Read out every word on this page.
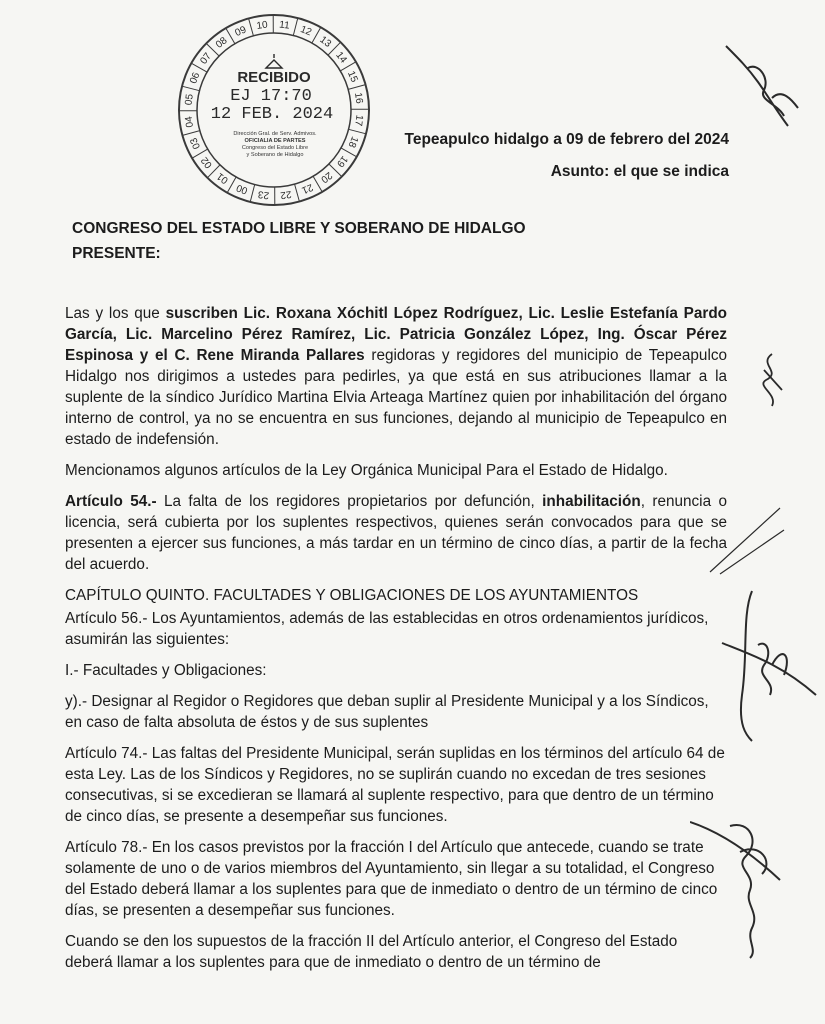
12
13
14
15
16
17
18
19
20
21
22
23
00
01
02
03
04
05
06
07
08
09 10 11
RECIBIDO
EJ 17:70
12 FEB. 2024
Dirección Gral. de Serv. Admivos.
OFICIALIA DE PARTES
Congreso del Estado Libre
y Soberano de Hidalgo
Tepeapulco hidalgo a 09 de febrero del 2024
Asunto: el que se indica
CONGRESO DEL ESTADO LIBRE Y SOBERANO DE HIDALGO
PRESENTE:

Las y los que suscriben Lic. Roxana Xóchitl López Rodríguez, Lic. Leslie Estefanía Pardo García, Lic. Marcelino Pérez Ramírez, Lic. Patricia González López, Ing. Óscar Pérez Espinosa y el C. Rene Miranda Pallares regidoras y regidores del municipio de Tepeapulco Hidalgo nos dirigimos a ustedes para pedirles, ya que está en sus atribuciones llamar a la suplente de la síndico Jurídico Martina Elvia Arteaga Martínez quien por inhabilitación del órgano interno de control, ya no se encuentra en sus funciones, dejando al municipio de Tepeapulco en estado de indefensión.

Mencionamos algunos artículos de la Ley Orgánica Municipal Para el Estado de Hidalgo.

Artículo 54.- La falta de los regidores propietarios por defunción, inhabilitación, renuncia o licencia, será cubierta por los suplentes respectivos, quienes serán convocados para que se presenten a ejercer sus funciones, a más tardar en un término de cinco días, a partir de la fecha del acuerdo.

CAPÍTULO QUINTO. FACULTADES Y OBLIGACIONES DE LOS AYUNTAMIENTOS

Artículo 56.- Los Ayuntamientos, además de las establecidas en otros ordenamientos jurídicos, asumirán las siguientes:

I.- Facultades y Obligaciones:

y).- Designar al Regidor o Regidores que deban suplir al Presidente Municipal y a los Síndicos, en caso de falta absoluta de éstos y de sus suplentes

Artículo 74.- Las faltas del Presidente Municipal, serán suplidas en los términos del artículo 64 de esta Ley. Las de los Síndicos y Regidores, no se suplirán cuando no excedan de tres sesiones consecutivas, si se excedieran se llamará al suplente respectivo, para que dentro de un término de cinco días, se presente a desempeñar sus funciones.

Artículo 78.- En los casos previstos por la fracción I del Artículo que antecede, cuando se trate solamente de uno o de varios miembros del Ayuntamiento, sin llegar a su totalidad, el Congreso del Estado deberá llamar a los suplentes para que de inmediato o dentro de un término de cinco días, se presenten a desempeñar sus funciones.

Cuando se den los supuestos de la fracción II del Artículo anterior, el Congreso del Estado deberá llamar a los suplentes para que de inmediato o dentro de un término de
